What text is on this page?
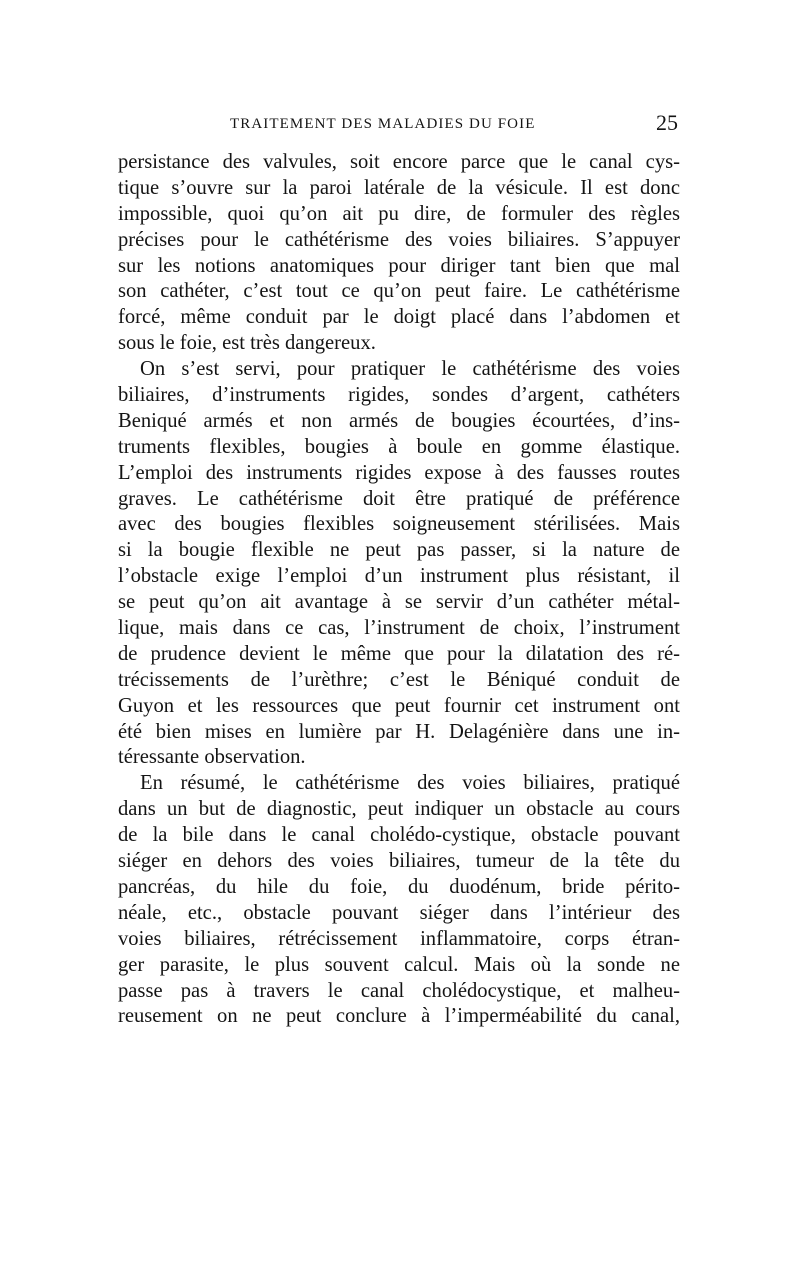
TRAITEMENT DES MALADIES DU FOIE	25
persistance des valvules, soit encore parce que le canal cys-
tique s’ouvre sur la paroi latérale de la vésicule. Il est donc
impossible, quoi qu’on ait pu dire, de formuler des règles
précises pour le cathétérisme des voies biliaires. S’appuyer
sur les notions anatomiques pour diriger tant bien que mal
son cathéter, c’est tout ce qu’on peut faire. Le cathétérisme
forcé, même conduit par le doigt placé dans l’abdomen et
sous le foie, est très dangereux.
On s’est servi, pour pratiquer le cathétérisme des voies
biliaires, d’instruments rigides, sondes d’argent, cathéters
Beniqué armés et non armés de bougies écourtées, d’ins-
truments flexibles, bougies à boule en gomme élastique.
L’emploi des instruments rigides expose à des fausses routes
graves. Le cathétérisme doit être pratiqué de préférence
avec des bougies flexibles soigneusement stérilisées. Mais
si la bougie flexible ne peut pas passer, si la nature de
l’obstacle exige l’emploi d’un instrument plus résistant, il
se peut qu’on ait avantage à se servir d’un cathéter métal-
lique, mais dans ce cas, l’instrument de choix, l’instrument
de prudence devient le même que pour la dilatation des ré-
trécissements de l’urèthre; c’est le Béniqué conduit de
Guyon et les ressources que peut fournir cet instrument ont
été bien mises en lumière par H. Delagénière dans une in-
téressante observation.
En résumé, le cathétérisme des voies biliaires, pratiqué
dans un but de diagnostic, peut indiquer un obstacle au cours
de la bile dans le canal cholédo-cystique, obstacle pouvant
siéger en dehors des voies biliaires, tumeur de la tête du
pancréas, du hile du foie, du duodénum, bride périto-
néale, etc., obstacle pouvant siéger dans l’intérieur des
voies biliaires, rétrécissement inflammatoire, corps étran-
ger parasite, le plus souvent calcul. Mais où la sonde ne
passe pas à travers le canal cholédocystique, et malheu-
reusement on ne peut conclure à l’imperméabilité du canal,
